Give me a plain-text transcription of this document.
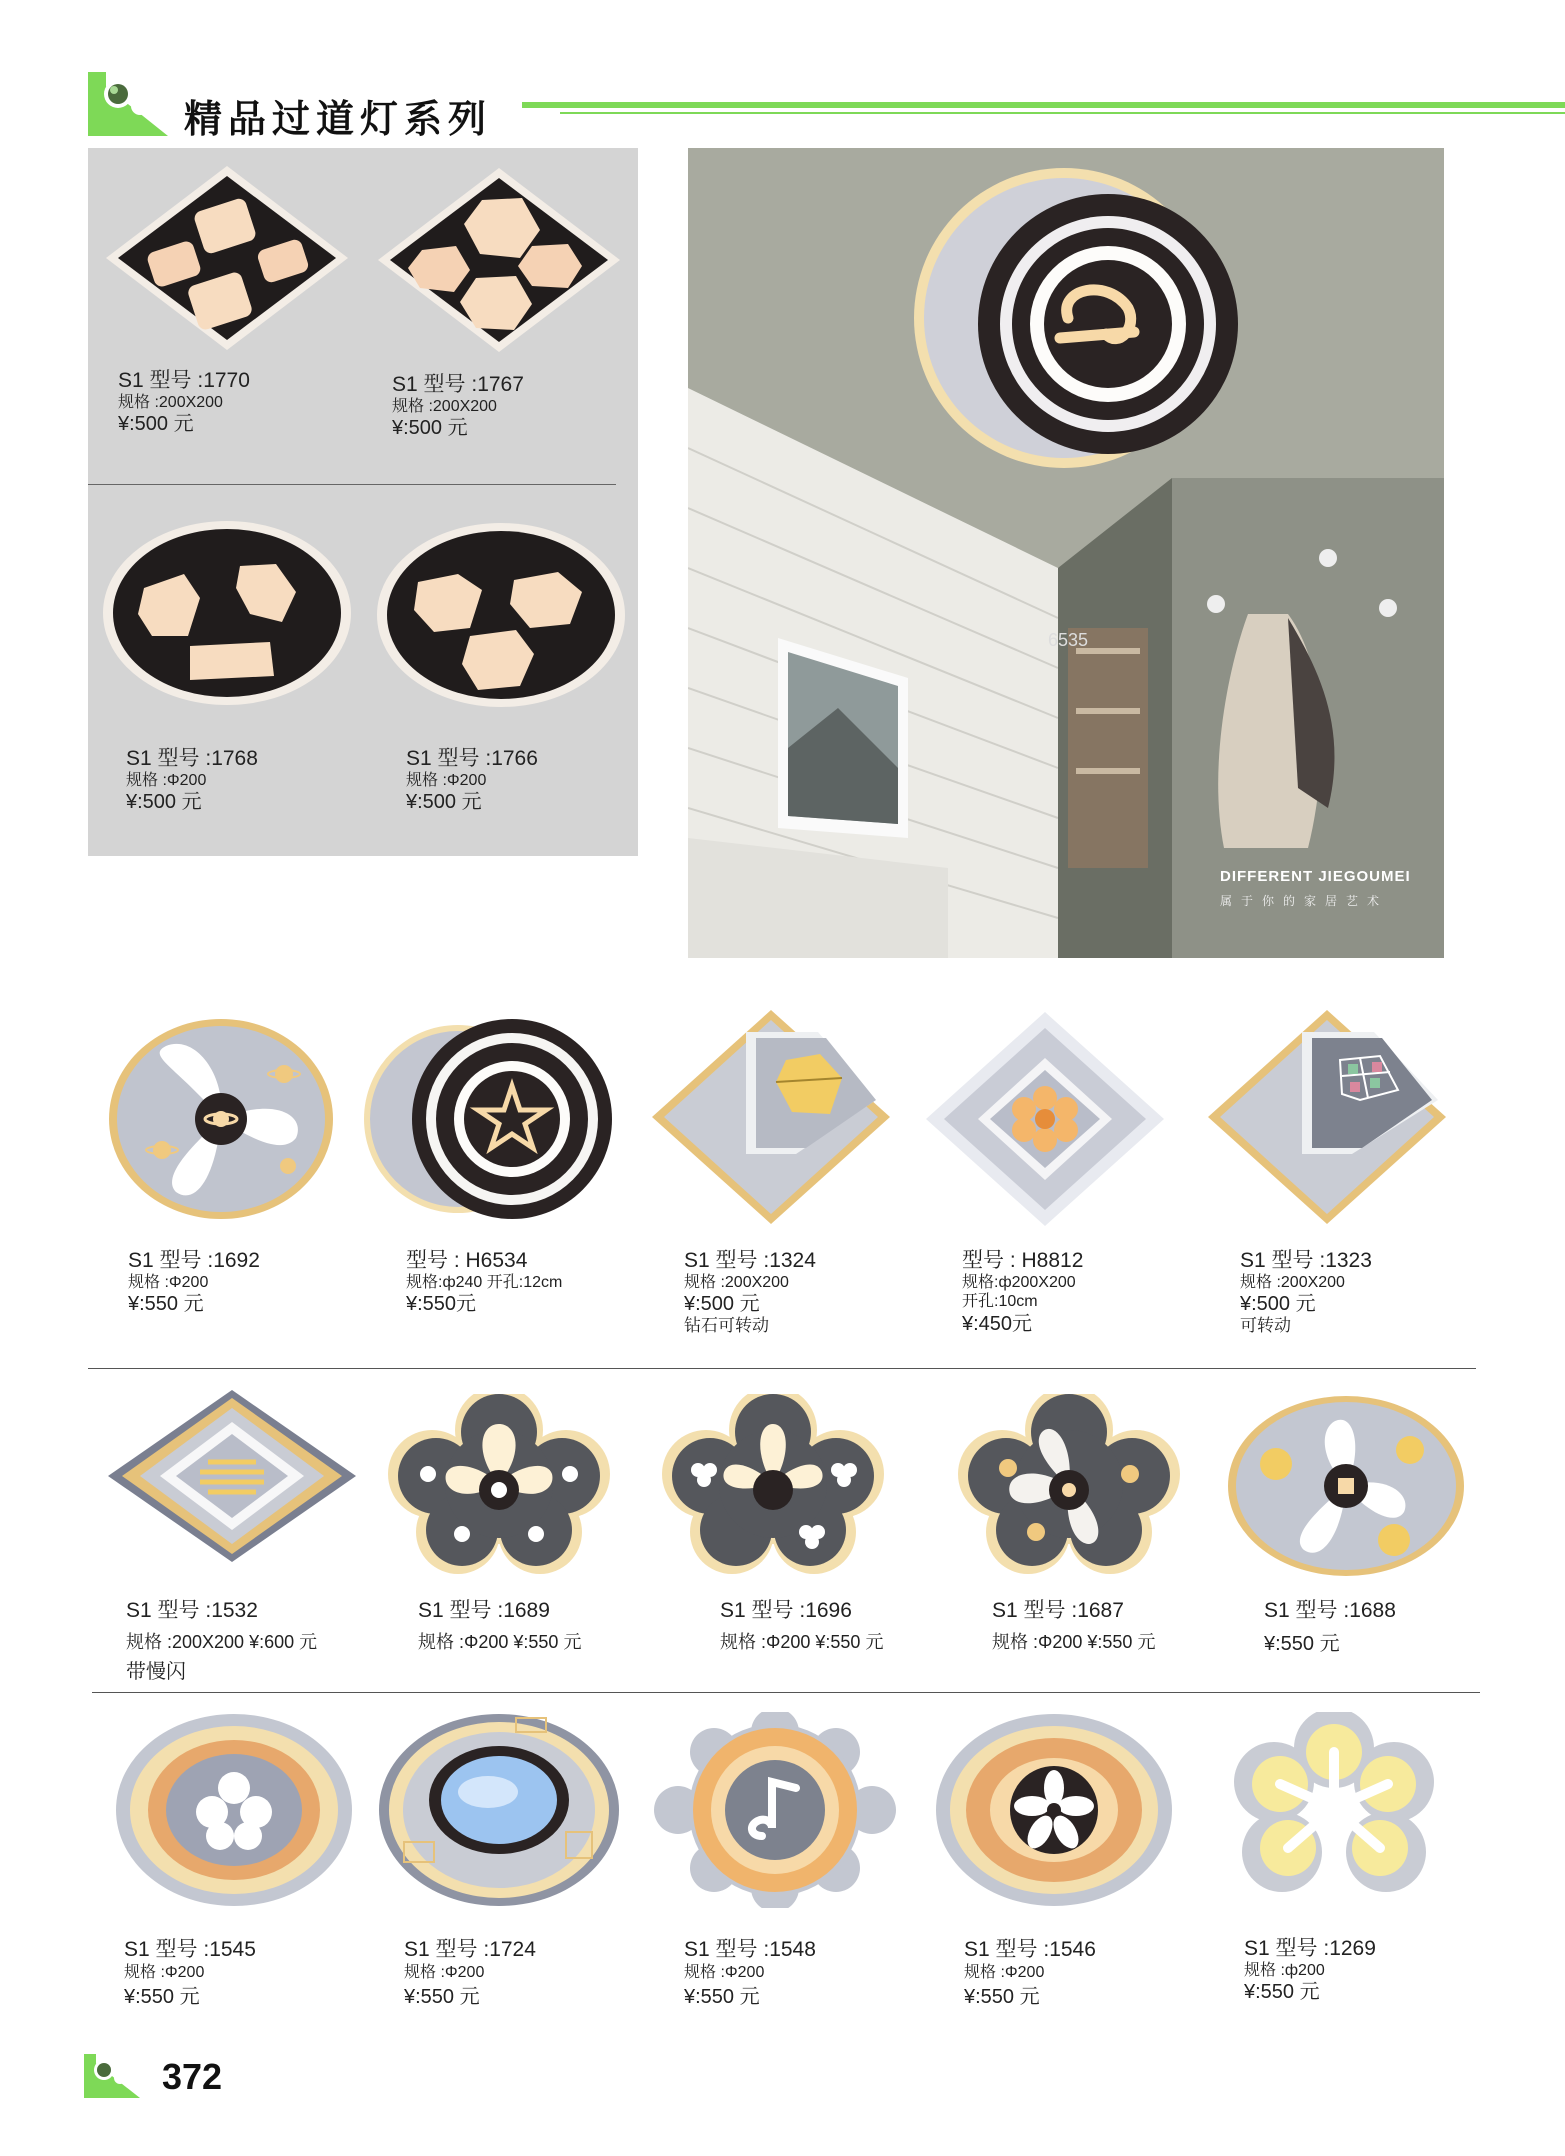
精品过道灯系列
S1 型号 :1770
规格 :200X200
¥:500 元
S1 型号 :1767
规格 :200X200
¥:500 元
S1 型号 :1768
规格 :Φ200
¥:500 元
S1 型号 :1766
规格 :Φ200
¥:500 元
6535
DIFFERENT JIEGOUMEI
属于你的家居艺术
S1 型号 :1692
规格 :Φ200
¥:550 元
型号 : H6534
规格:ф240 开孔:12cm
¥:550元
S1 型号 :1324
规格 :200X200
¥:500 元
钻石可转动
型号 : H8812
规格:ф200X200
开孔:10cm
¥:450元
S1 型号 :1323
规格 :200X200
¥:500 元
可转动
S1 型号 :1532
规格 :200X200 ¥:600 元
带慢闪
S1 型号 :1689
规格 :Φ200 ¥:550 元
S1 型号 :1696
规格 :Φ200 ¥:550 元
S1 型号 :1687
规格 :Φ200 ¥:550 元
S1 型号 :1688
¥:550 元
S1 型号 :1545
规格 :Φ200
¥:550 元
S1 型号 :1724
规格 :Φ200
¥:550 元
S1 型号 :1548
规格 :Φ200
¥:550 元
S1 型号 :1546
规格 :Φ200
¥:550 元
S1 型号 :1269
规格 :ф200
¥:550 元
372
